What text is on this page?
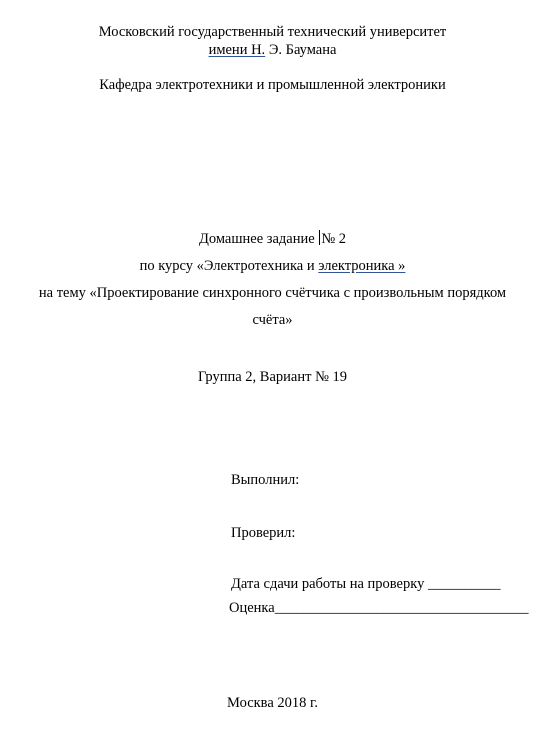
Московский государственный технический университет
имени Н. Э. Баумана
Кафедра электротехники и промышленной электроники
Домашнее задание № 2
по курсу «Электротехника и электроника »
на тему «Проектирование синхронного счётчика с произвольным порядком
счёта»
Группа 2, Вариант № 19
Выполнил:
Проверил:
Дата сдачи работы на проверку __________
Оценка___________________________________
Москва 2018 г.
